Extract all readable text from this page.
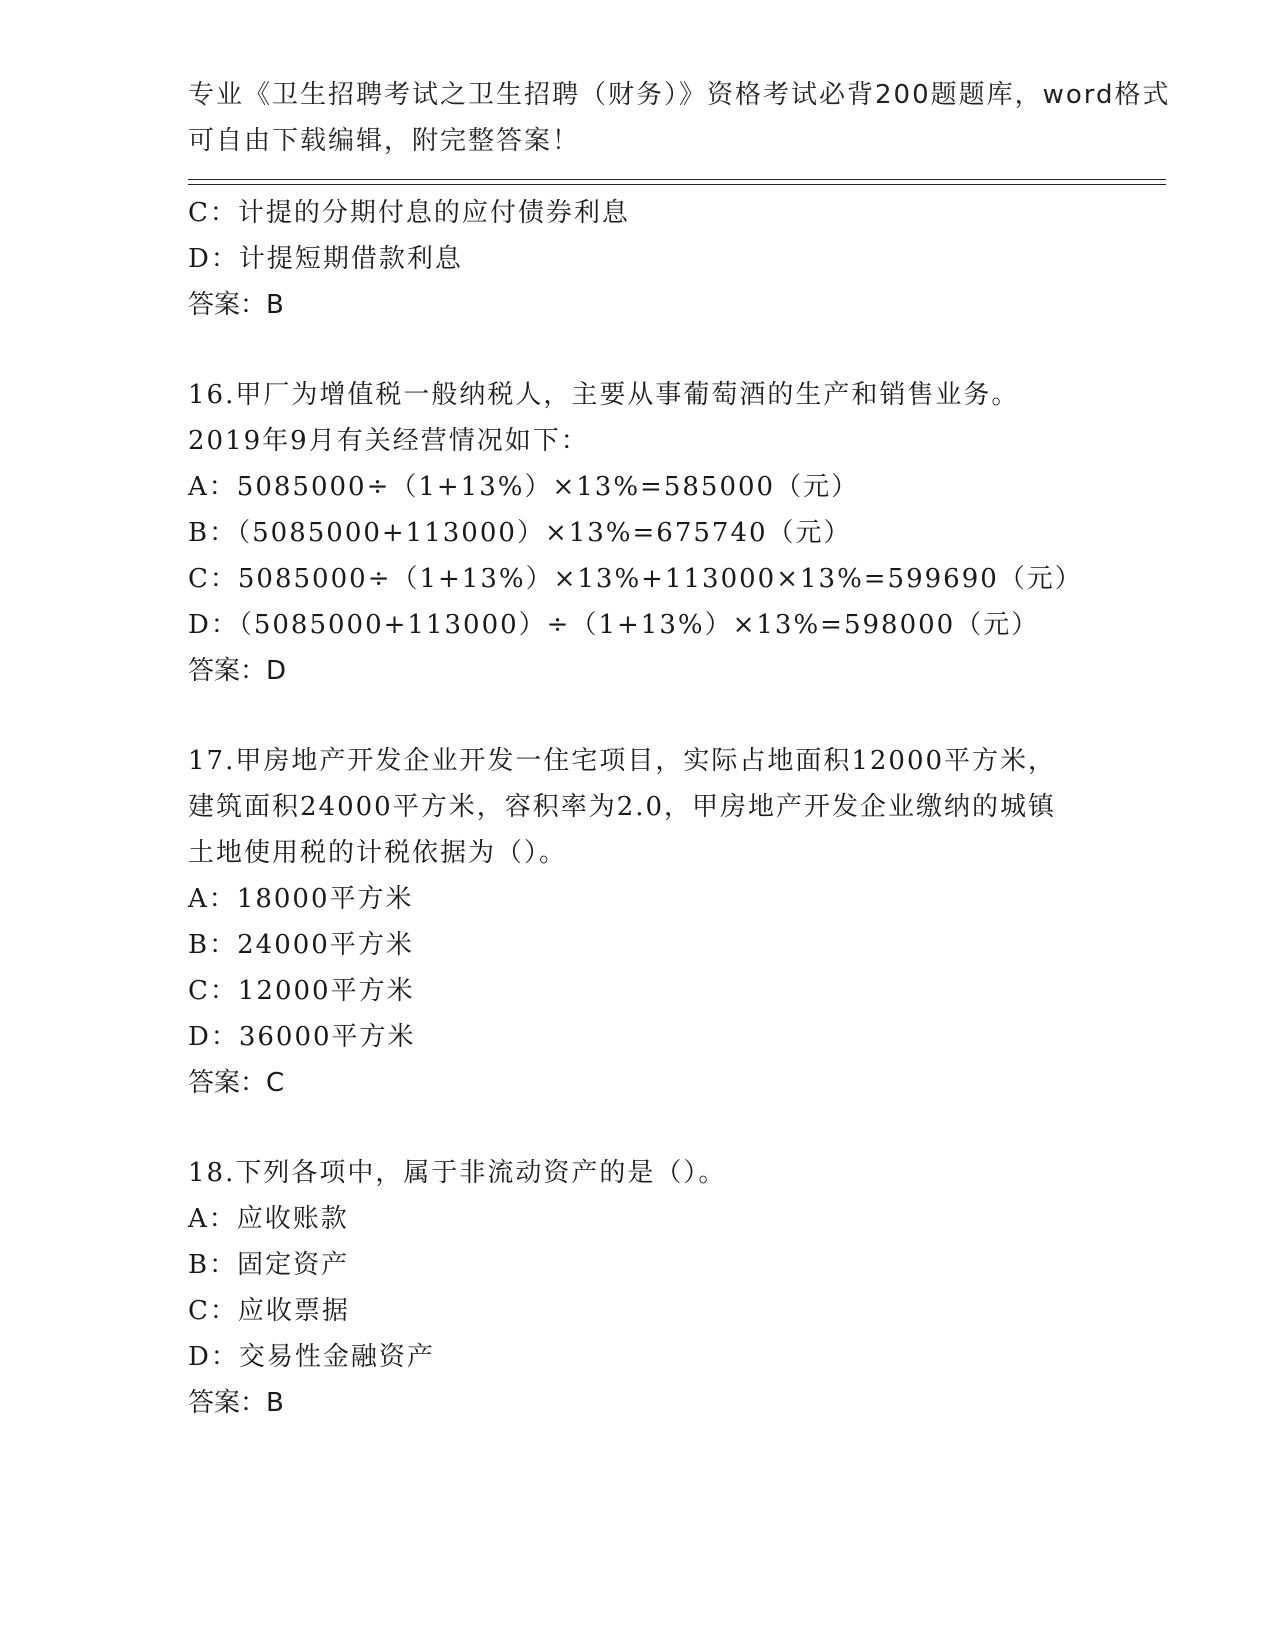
专业《卫生招聘考试之卫生招聘（财务）》资格考试必背200题题库，word格式
可自由下载编辑，附完整答案！
C：计提的分期付息的应付债券利息
D：计提短期借款利息
答案：B
16.甲厂为增值税一般纳税人，主要从事葡萄酒的生产和销售业务。
2019年9月有关经营情况如下：
A：5085000÷（1+13%）×13%=585000（元）
B：（5085000+113000）×13%=675740（元）
C：5085000÷（1+13%）×13%+113000×13%=599690（元）
D：（5085000+113000）÷（1+13%）×13%=598000（元）
答案：D
17.甲房地产开发企业开发一住宅项目，实际占地面积12000平方米，
建筑面积24000平方米，容积率为2.0，甲房地产开发企业缴纳的城镇
土地使用税的计税依据为（）。
A：18000平方米
B：24000平方米
C：12000平方米
D：36000平方米
答案：C
18.下列各项中，属于非流动资产的是（）。
A：应收账款
B：固定资产
C：应收票据
D：交易性金融资产
答案：B
